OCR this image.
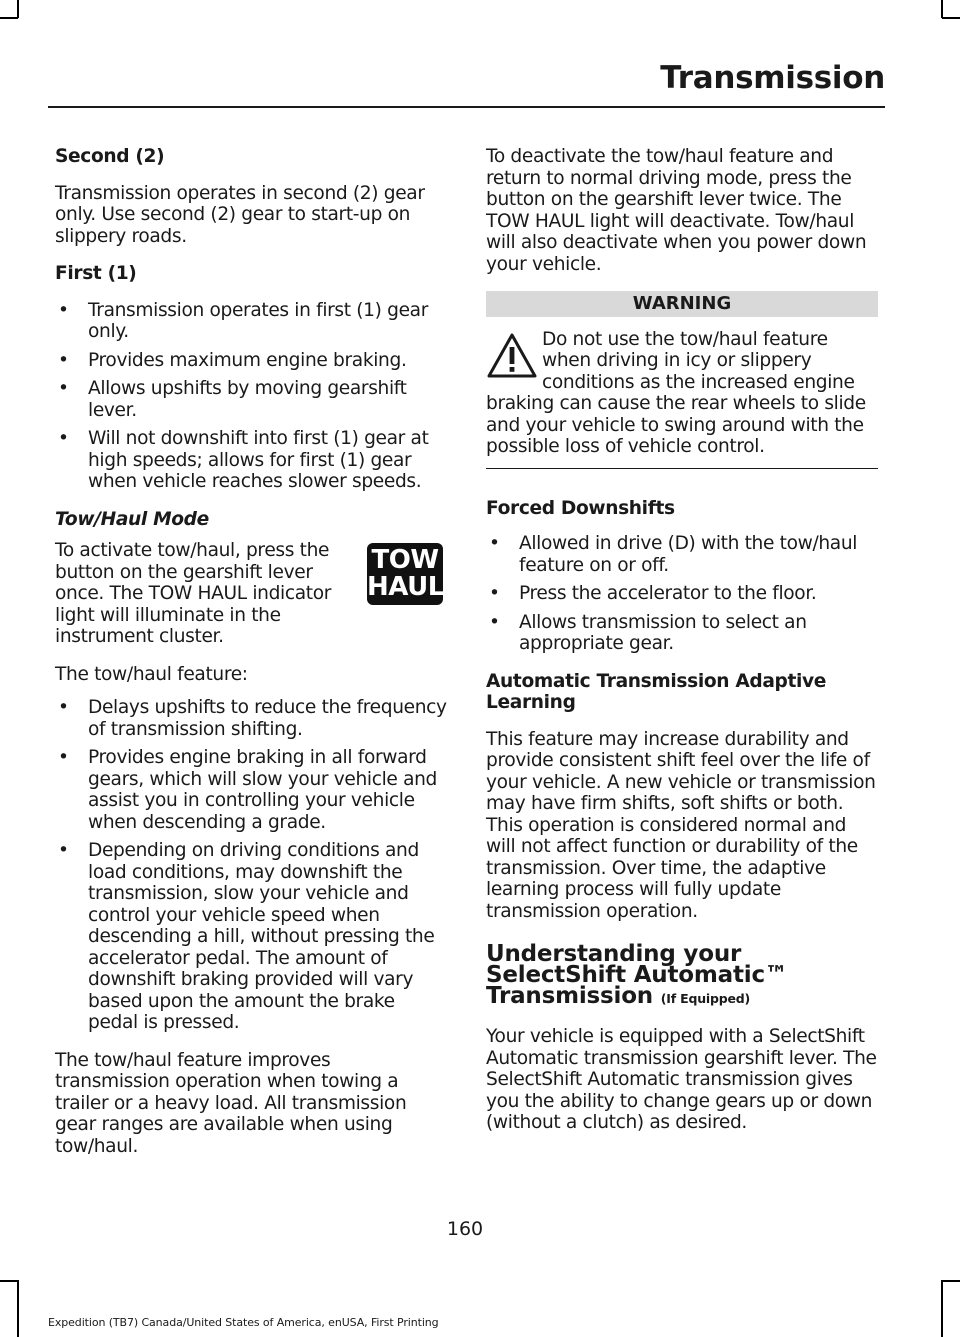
Transmission
Second (2)
Transmission operates in second (2) gear only. Use second (2) gear to start-up on slippery roads.
First (1)
• Transmission operates in first (1) gear only.
• Provides maximum engine braking.
• Allows upshifts by moving gearshift lever.
• Will not downshift into first (1) gear at high speeds; allows for first (1) gear when vehicle reaches slower speeds.
Tow/Haul Mode
TOW
HAUL
To activate tow/haul, press the button on the gearshift lever once. The TOW HAUL indicator light will illuminate in the instrument cluster.
The tow/haul feature:
• Delays upshifts to reduce the frequency of transmission shifting.
• Provides engine braking in all forward gears, which will slow your vehicle and assist you in controlling your vehicle when descending a grade.
• Depending on driving conditions and load conditions, may downshift the transmission, slow your vehicle and control your vehicle speed when descending a hill, without pressing the accelerator pedal. The amount of downshift braking provided will vary based upon the amount the brake pedal is pressed.
The tow/haul feature improves transmission operation when towing a trailer or a heavy load. All transmission gear ranges are available when using tow/haul.
To deactivate the tow/haul feature and return to normal driving mode, press the button on the gearshift lever twice. The TOW HAUL light will deactivate. Tow/haul will also deactivate when you power down your vehicle.
WARNING
Do not use the tow/haul feature when driving in icy or slippery conditions as the increased engine braking can cause the rear wheels to slide and your vehicle to swing around with the possible loss of vehicle control.
Forced Downshifts
• Allowed in drive (D) with the tow/haul feature on or off.
• Press the accelerator to the floor.
• Allows transmission to select an appropriate gear.
Automatic Transmission Adaptive Learning
This feature may increase durability and provide consistent shift feel over the life of your vehicle. A new vehicle or transmission may have firm shifts, soft shifts or both. This operation is considered normal and will not affect function or durability of the transmission. Over time, the adaptive learning process will fully update transmission operation.
Understanding your SelectShift Automatic™ Transmission (If Equipped)
Your vehicle is equipped with a SelectShift Automatic transmission gearshift lever. The SelectShift Automatic transmission gives you the ability to change gears up or down (without a clutch) as desired.
160
Expedition (TB7) Canada/United States of America, enUSA, First Printing
